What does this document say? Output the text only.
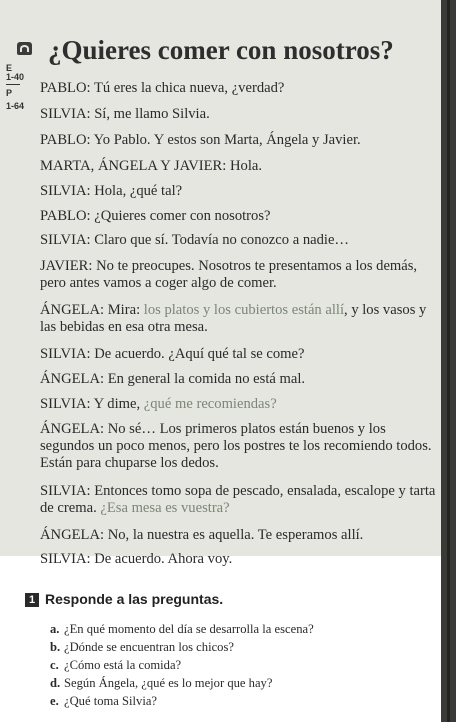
¿Quieres comer con nosotros?
E
1-40
P
1-64
PABLO: Tú eres la chica nueva, ¿verdad?
SILVIA: Sí, me llamo Silvia.
PABLO: Yo Pablo. Y estos son Marta, Ángela y Javier.
MARTA, ÁNGELA Y JAVIER: Hola.
SILVIA: Hola, ¿qué tal?
PABLO: ¿Quieres comer con nosotros?
SILVIA: Claro que sí. Todavía no conozco a nadie…
JAVIER: No te preocupes. Nosotros te presentamos a los demás, pero antes vamos a coger algo de comer.
ÁNGELA: Mira: los platos y los cubiertos están allí, y los vasos y las bebidas en esa otra mesa.
SILVIA: De acuerdo. ¿Aquí qué tal se come?
ÁNGELA: En general la comida no está mal.
SILVIA: Y dime, ¿qué me recomiendas?
ÁNGELA: No sé… Los primeros platos están buenos y los segundos un poco menos, pero los postres te los recomiendo todos. Están para chuparse los dedos.
SILVIA: Entonces tomo sopa de pescado, ensalada, escalope y tarta de crema. ¿Esa mesa es vuestra?
ÁNGELA: No, la nuestra es aquella. Te esperamos allí.
SILVIA: De acuerdo. Ahora voy.
1 Responde a las preguntas.
a. ¿En qué momento del día se desarrolla la escena?
b. ¿Dónde se encuentran los chicos?
c. ¿Cómo está la comida?
d. Según Ángela, ¿qué es lo mejor que hay?
e. ¿Qué toma Silvia?
